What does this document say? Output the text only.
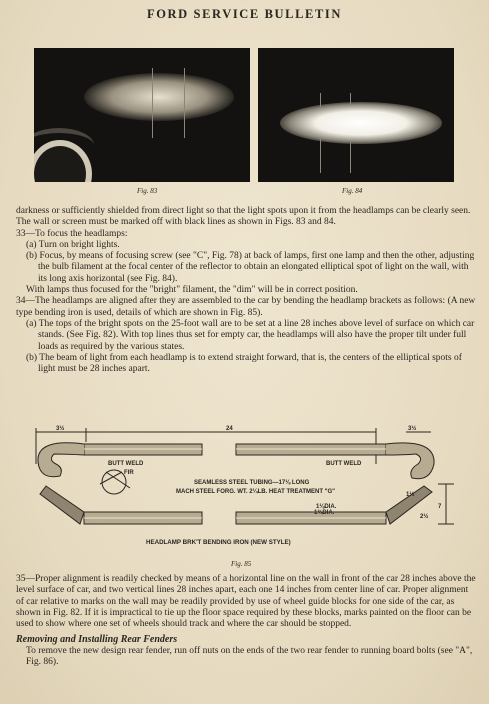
FORD SERVICE BULLETIN
Fig. 83	Fig. 84

darkness or sufficiently shielded from direct light so that the light spots upon it from the headlamps can be clearly seen. The wall or screen must be marked off with black lines as shown in Figs. 83 and 84.

33—To focus the headlamps:

(a) Turn on bright lights.

(b) Focus, by means of focusing screw (see "C", Fig. 78) at back of lamps, first one lamp and then the other, adjusting the bulb filament at the focal center of the reflector to obtain an elongated elliptical spot of light on the wall, with its long axis horizontal (see Fig. 84).

With lamps thus focused for the "bright" filament, the "dim" will be in correct position.

34—The headlamps are aligned after they are assembled to the car by bending the headlamp brackets as follows: (A new type bending iron is used, details of which are shown in Fig. 85).

(a) The tops of the bright spots on the 25-foot wall are to be set at a line 28 inches above level of surface on which car stands. (See Fig. 82). With top lines thus set for empty car, the headlamps will also have the proper tilt under full loads as required by the various states.

(b) The beam of light from each headlamp is to extend straight forward, that is, the centers of the elliptical spots of light must be 28 inches apart.

3½	24	3½
BUTT WELD	BUTT WELD
FIR
SEAMLESS STEEL TUBING—17⅛ LONG
MACH STEEL FORG. WT. 2¼LB. HEAT TREATMENT "G"
1⅛DIA.
1¾DIA.
7
2½
1½
HEADLAMP BRK'T BENDING IRON (NEW STYLE)
Fig. 85

35—Proper alignment is readily checked by means of a horizontal line on the wall in front of the car 28 inches above the level surface of car, and two vertical lines 28 inches apart, each one 14 inches from center line of car. Proper alignment of car relative to marks on the wall may be readily provided by use of wheel guide blocks for one side of the car, as shown in Fig. 82. If it is impractical to tie up the floor space required by these blocks, marks painted on the floor can be used to show where one set of wheels should track and where the car should be stopped.

Removing and Installing Rear Fenders

To remove the new design rear fender, run off nuts on the ends of the two rear fender to running board bolts (see "A", Fig. 86).
